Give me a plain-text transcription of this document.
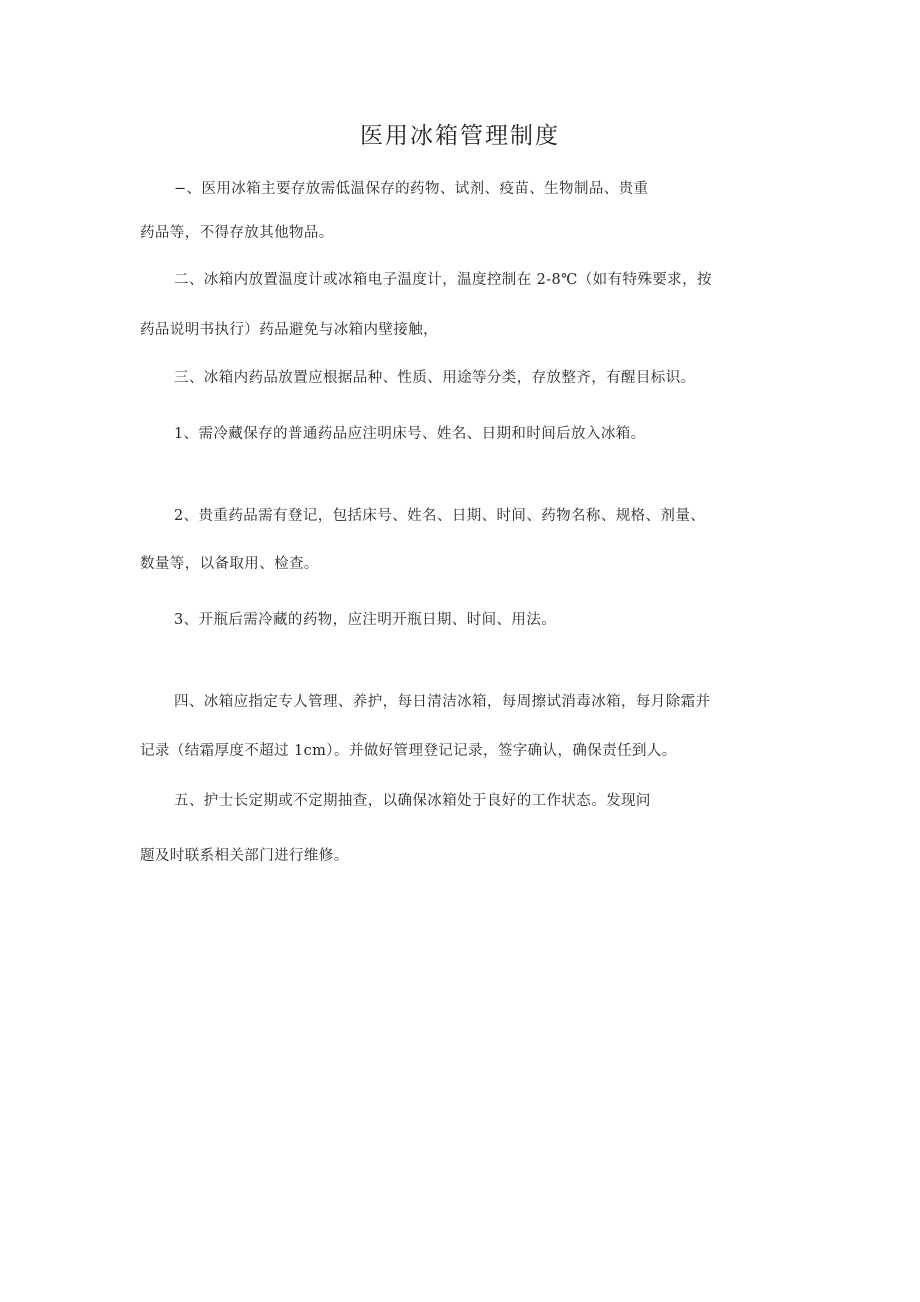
医用冰箱管理制度
−、医用冰箱主要存放需低温保存的药物、试剂、疫苗、生物制品、贵重
药品等，不得存放其他物品。
二、冰箱内放置温度计或冰箱电子温度计，温度控制在 2-8℃（如有特殊要求，按
药品说明书执行）药品避免与冰箱内壁接触，
三、冰箱内药品放置应根据品种、性质、用途等分类，存放整齐，有醒目标识。
1、需冷藏保存的普通药品应注明床号、姓名、日期和时间后放入冰箱。
2、贵重药品需有登记，包括床号、姓名、日期、时间、药物名称、规格、剂量、
数量等，以备取用、检查。
3、开瓶后需冷藏的药物，应注明开瓶日期、时间、用法。
四、冰箱应指定专人管理、养护，每日清洁冰箱，每周擦试消毒冰箱，每月除霜并
记录（结霜厚度不超过 1cm）。并做好管理登记记录，签字确认，确保责任到人。
五、护士长定期或不定期抽查，以确保冰箱处于良好的工作状态。发现问
题及时联系相关部门进行维修。
